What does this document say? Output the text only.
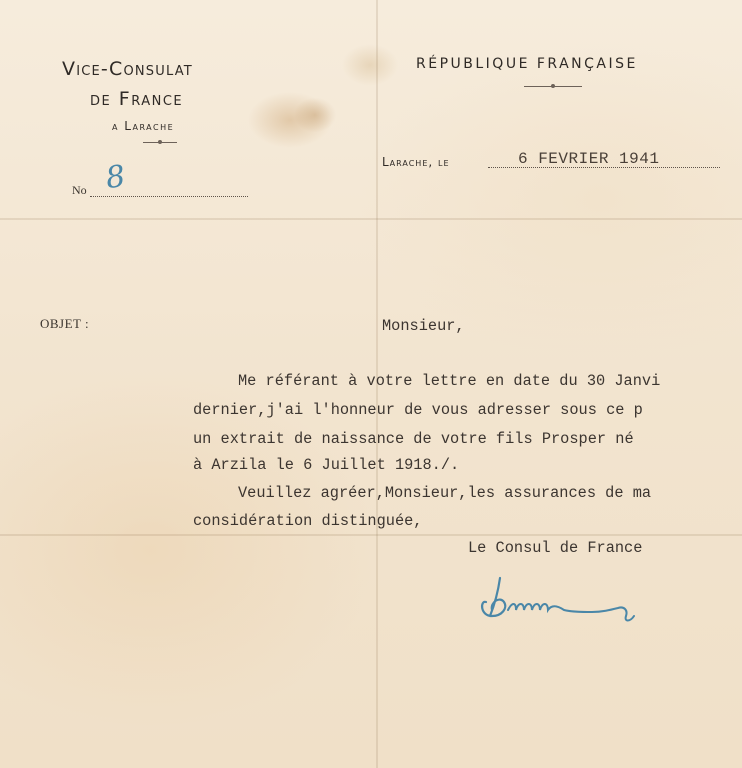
Vice-Consulat
de France
a Larache
RÉPUBLIQUE FRANÇAISE
No 8	Larache, le	6 FEVRIER 1941
OBJET :	Monsieur,
Me référant à votre lettre en date du 30 Janvi
dernier,j'ai l'honneur de vous adresser sous ce p
un extrait de naissance de votre fils Prosper né
à Arzila le 6 Juillet 1918./.
Veuillez agréer,Monsieur,les assurances de ma
considération distinguée,
Le Consul de France
